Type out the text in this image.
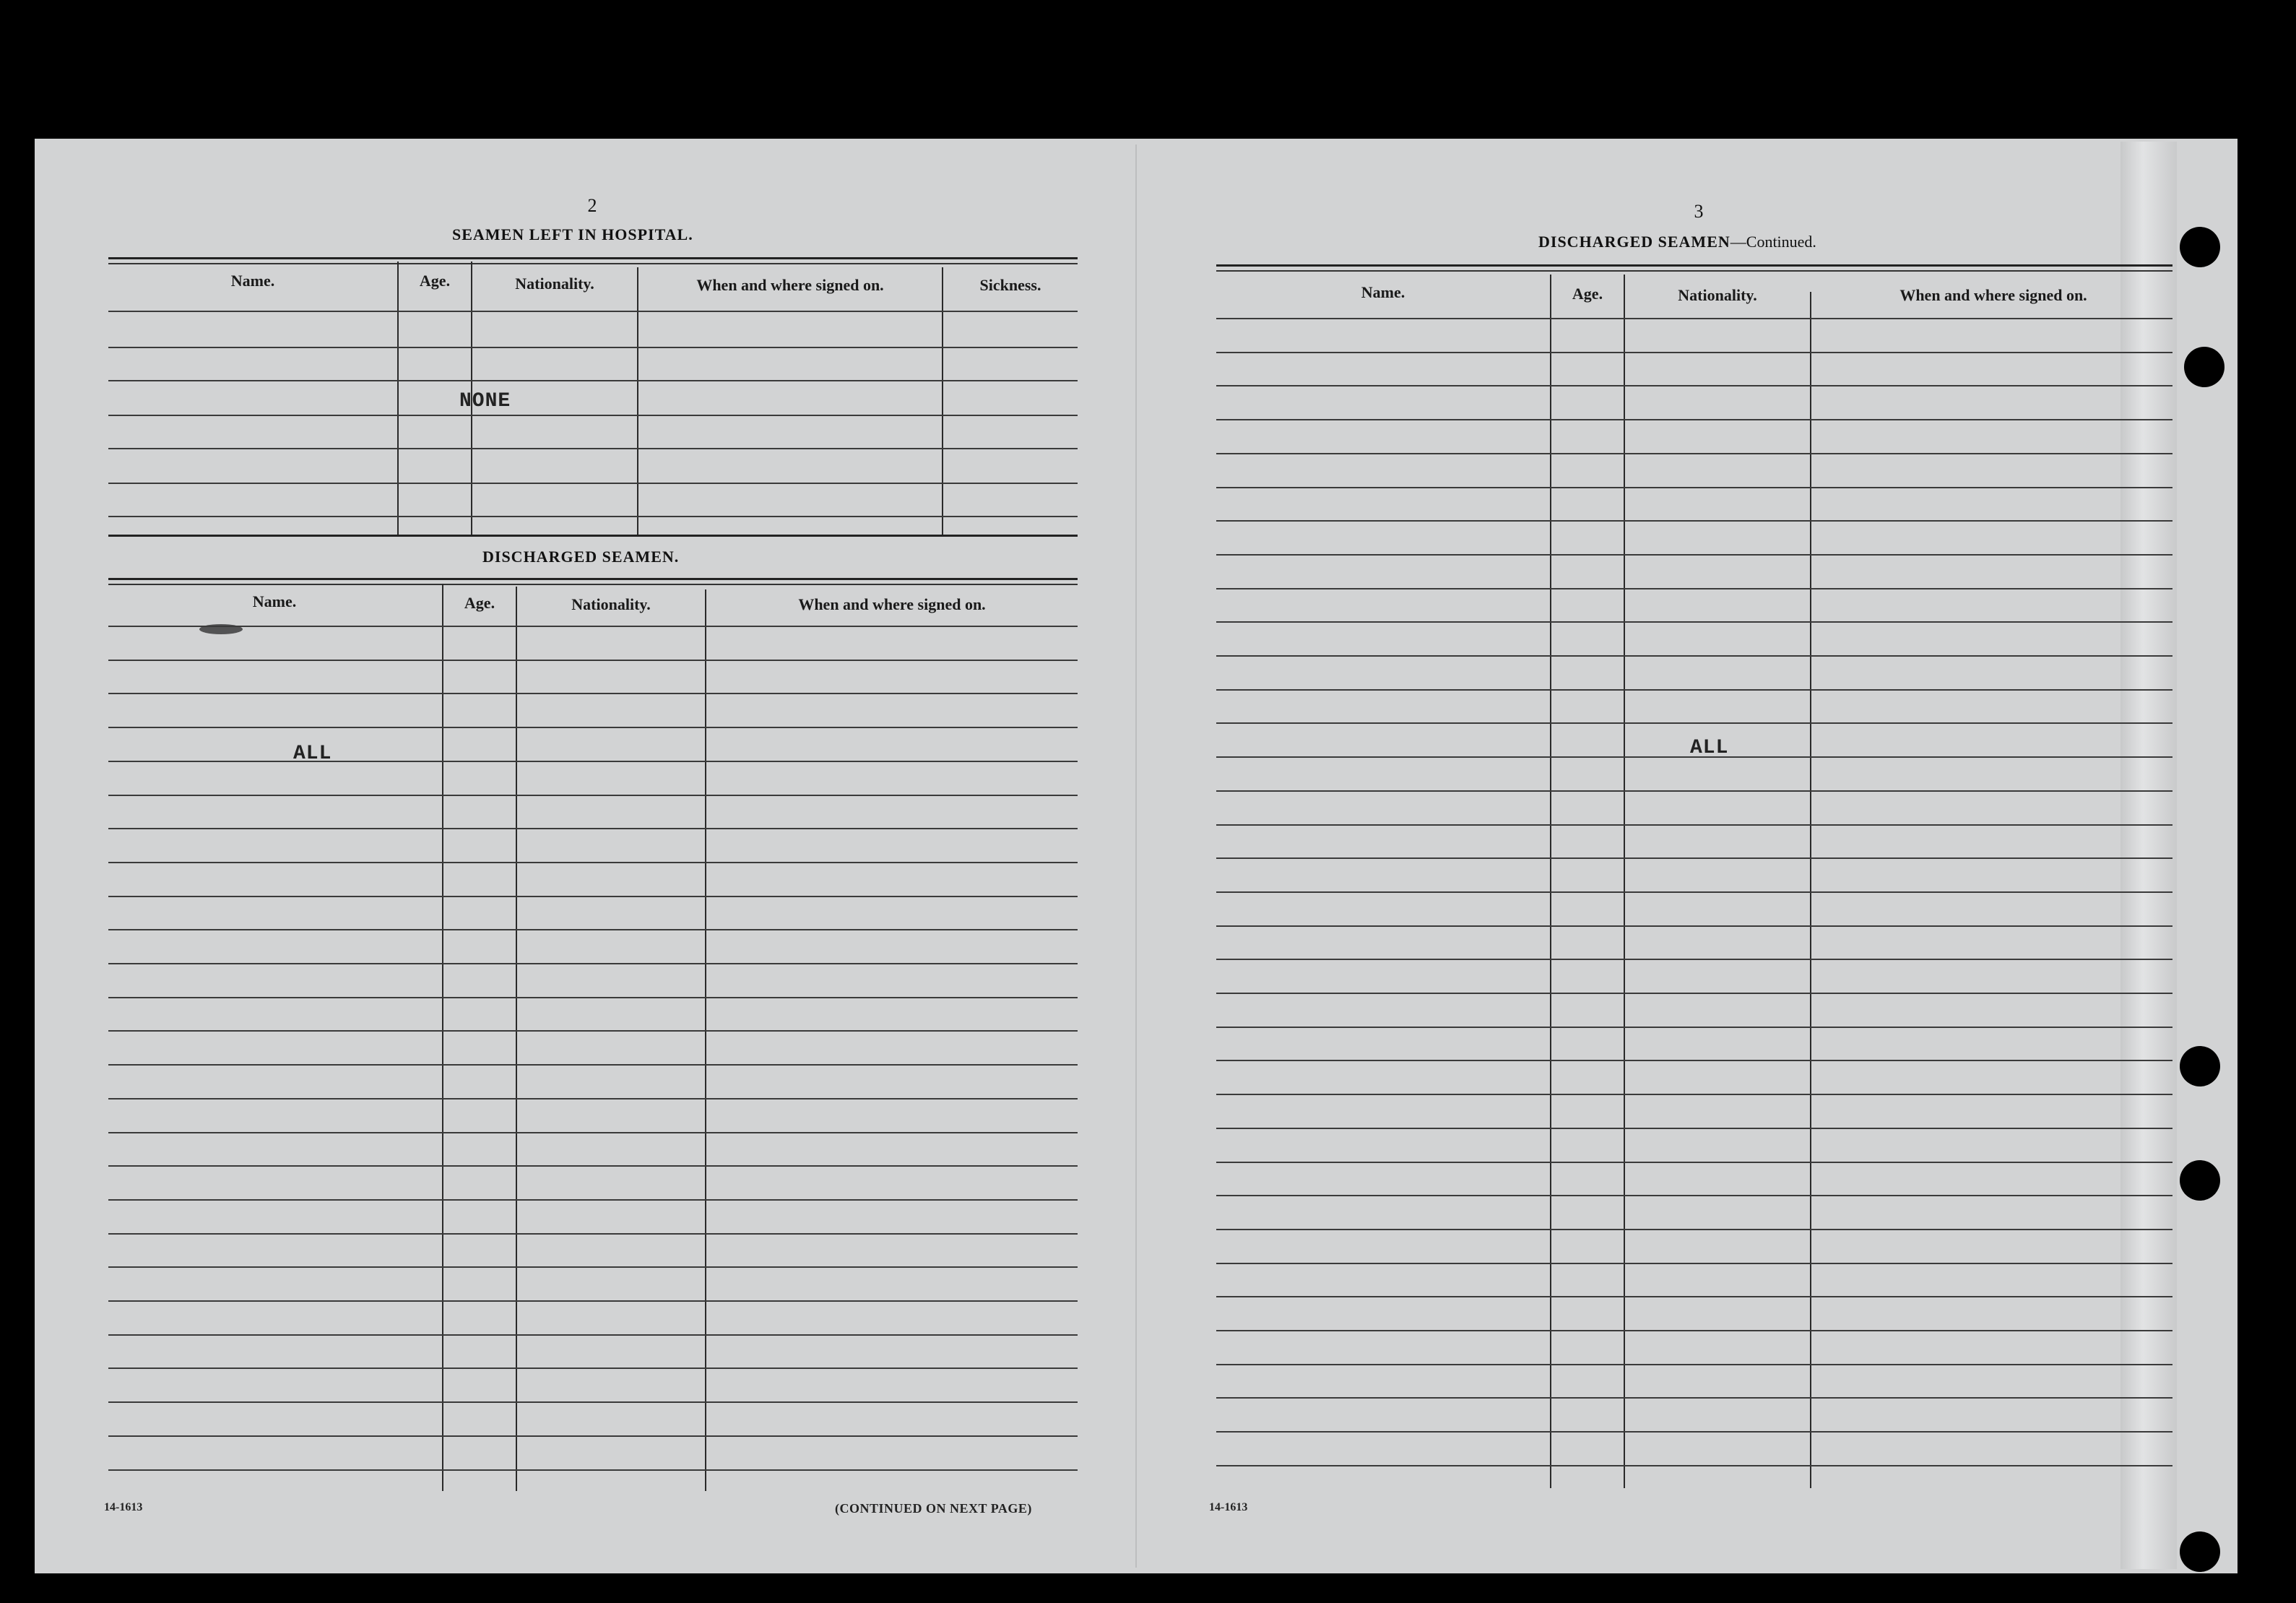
2
SEAMEN LEFT IN HOSPITAL.
Name.	Age.	Nationality.	When and where signed on.	Sickness.
NONE
DISCHARGED SEAMEN.
Name.	Age.	Nationality.	When and where signed on.
ALL
14-1613	(CONTINUED ON NEXT PAGE)
3
DISCHARGED SEAMEN—Continued.
Name.	Age.	Nationality.	When and where signed on.
ALL
14-1613
